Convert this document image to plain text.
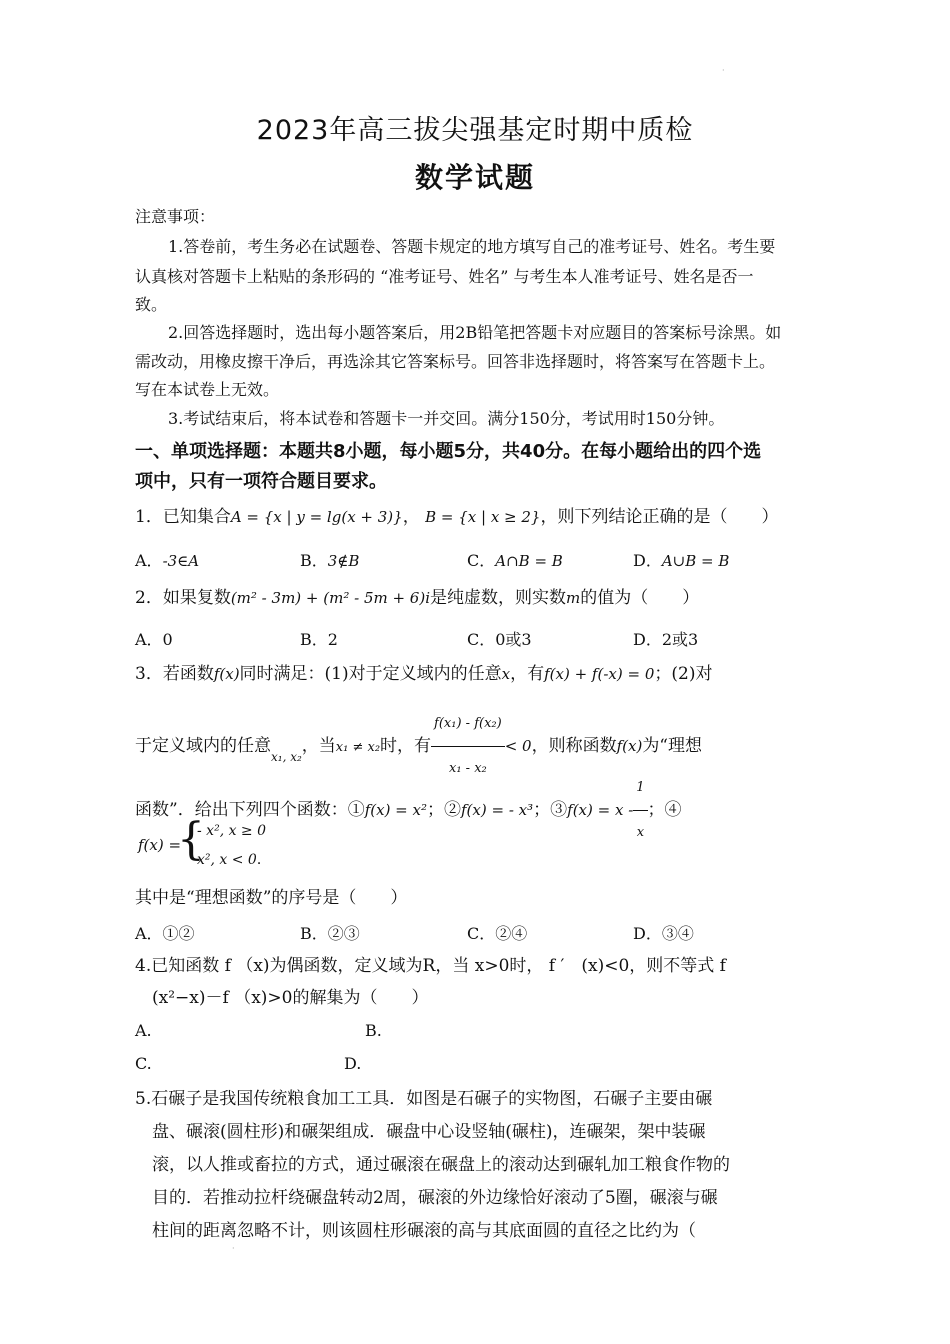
·
2023年高三拔尖强基定时期中质检
数学试题
注意事项：
1.答卷前，考生务必在试题卷、答题卡规定的地方填写自己的准考证号、姓名。考生要
认真核对答题卡上粘贴的条形码的 “准考证号、姓名” 与考生本人准考证号、姓名是否一
致。
2.回答选择题时，选出每小题答案后，用2B铅笔把答题卡对应题目的答案标号涂黑。如
需改动，用橡皮擦干净后，再选涂其它答案标号。回答非选择题时，将答案写在答题卡上。
写在本试卷上无效。
3.考试结束后，将本试卷和答题卡一并交回。满分150分，考试用时150分钟。
一、单项选择题：本题共8小题，每小题5分，共40分。在每小题给出的四个选
项中，只有一项符合题目要求。
1．已知集合A = {x | y = lg(x + 3)}， B = {x | x ≥ 2}，则下列结论正确的是（　　）
A．-3∈A	B．3∉B	C．A∩B = B	D．A∪B = B
2．如果复数(m² - 3m) + (m² - 5m + 6)i是纯虚数，则实数m的值为（　　）
A．0	B．2	C．0或3	D．2或3
3．若函数f(x)同时满足：(1)对于定义域内的任意x，有f(x) + f(-x) = 0；(2)对
于定义域内的任意$_{x_1, x_2}$，当x₁ ≠ x₂时，有 $\frac{\text{f(x₁) - f(x₂)}}{\text{x₁ - x₂}} < 0$，则称函数f(x)为“理想
函数”．给出下列四个函数：①f(x) = x²；②f(x) = - x³；③f(x) = x - $\frac{1}{x}$ ；④
f(x) =
{
- x², x ≥ 0
x², x < 0．
其中是“理想函数”的序号是（　　）
A．①②	B．②③	C．②④	D．③④
4.已知函数 f （x)为偶函数，定义域为R，当 x>0时， f ′　(x)<0，则不等式 f
(x²−x)－f （x)>0的解集为（　　）
A.	B.
C.	D.
5.石碾子是我国传统粮食加工工具．如图是石碾子的实物图，石碾子主要由碾
盘、碾滚(圆柱形)和碾架组成．碾盘中心设竖轴(碾柱)，连碾架，架中装碾
滚，以人推或畜拉的方式，通过碾滚在碾盘上的滚动达到碾轧加工粮食作物的
目的．若推动拉杆绕碾盘转动2周，碾滚的外边缘恰好滚动了5圈，碾滚与碾
柱间的距离忽略不计，则该圆柱形碾滚的高与其底面圆的直径之比约为（
·
